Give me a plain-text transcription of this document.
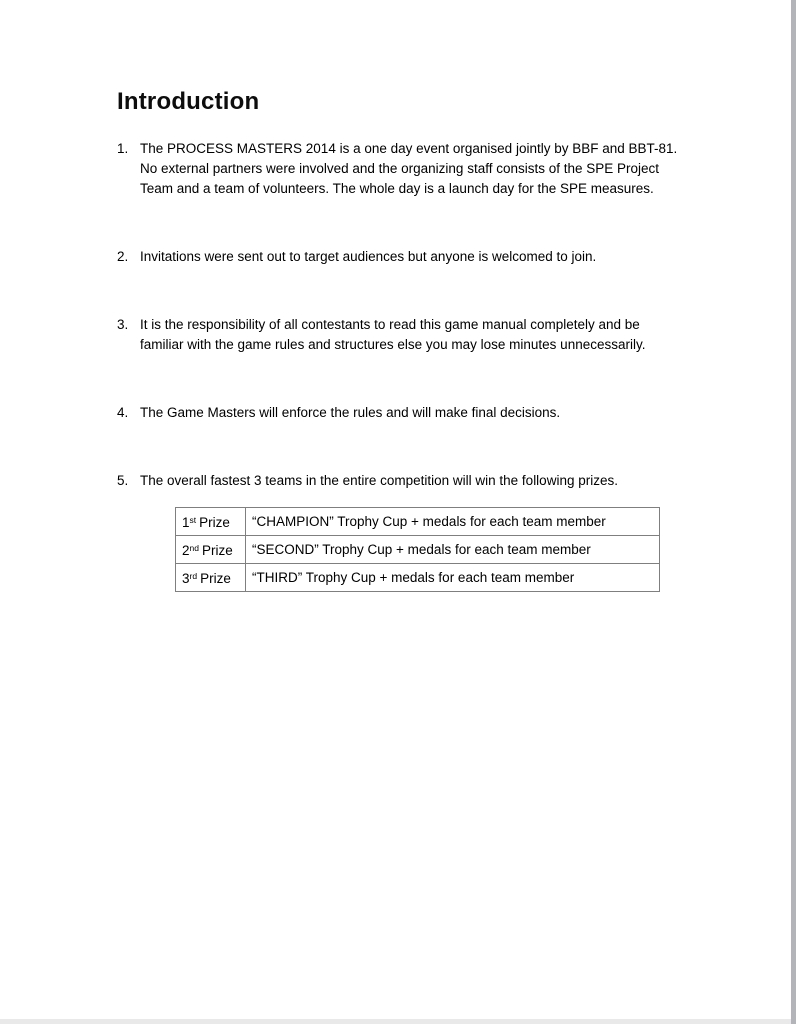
Introduction
1. The PROCESS MASTERS 2014 is a one day event organised jointly by BBF and BBT-81. No external partners were involved and the organizing staff consists of the SPE Project Team and a team of volunteers. The whole day is a launch day for the SPE measures.
2. Invitations were sent out to target audiences but anyone is welcomed to join.
3. It is the responsibility of all contestants to read this game manual completely and be familiar with the game rules and structures else you may lose minutes unnecessarily.
4. The Game Masters will enforce the rules and will make final decisions.
5. The overall fastest 3 teams in the entire competition will win the following prizes.
1st Prize	“CHAMPION” Trophy Cup + medals for each team member
2nd Prize	“SECOND” Trophy Cup + medals for each team member
3rd Prize	“THIRD” Trophy Cup + medals for each team member
